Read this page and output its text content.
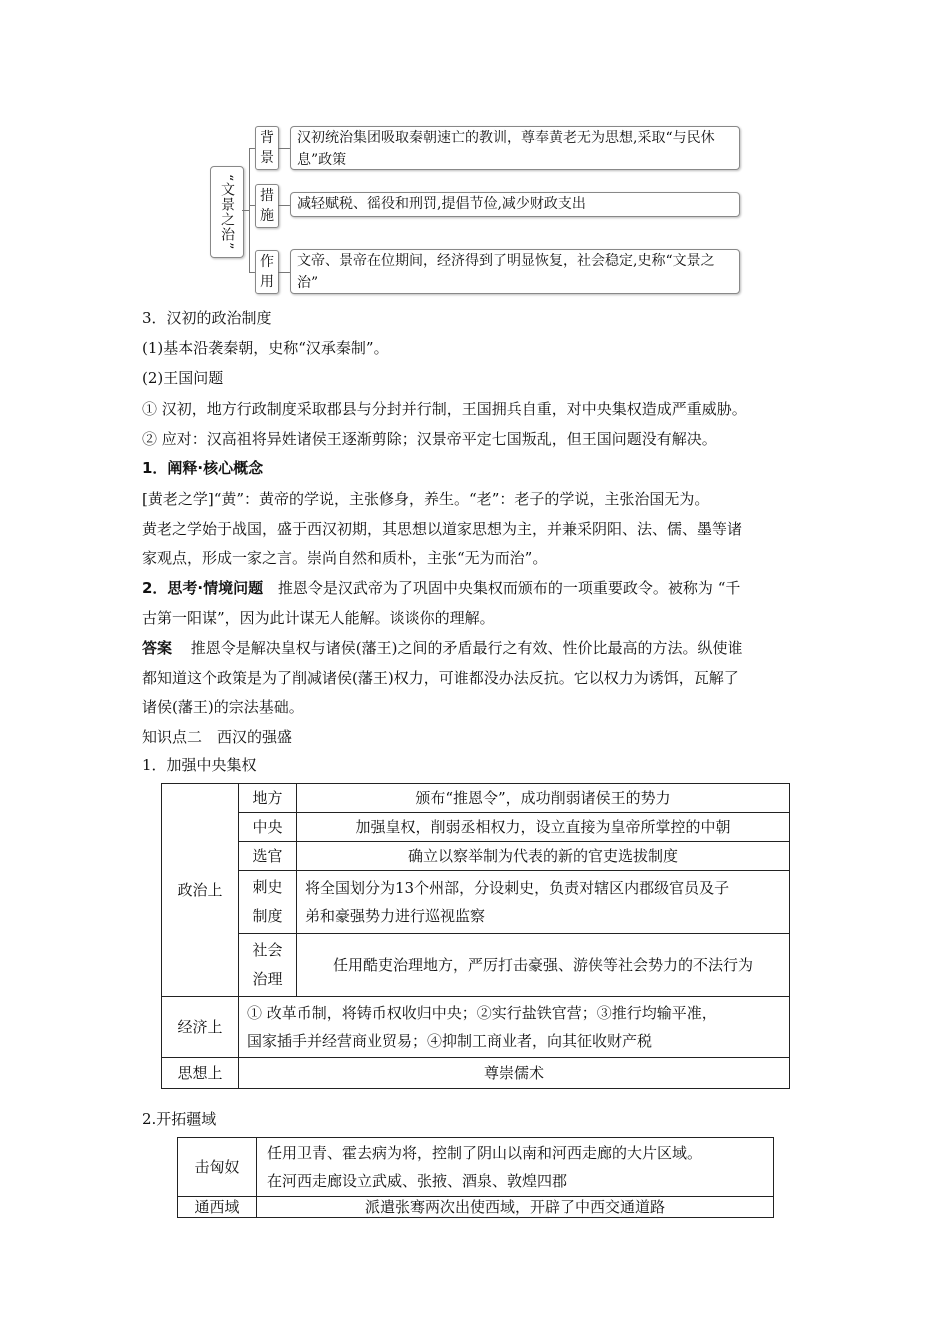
“文景之治”
背景
汉初统治集团吸取秦朝速亡的教训，尊奉黄老无为思想,采取“与民休息”政策
措施
减轻赋税、徭役和刑罚,提倡节俭,减少财政支出
作用
文帝、景帝在位期间，经济得到了明显恢复，社会稳定,史称“文景之治”
3．汉初的政治制度
(1)基本沿袭秦朝，史称“汉承秦制”。
(2)王国问题
① 汉初，地方行政制度采取郡县与分封并行制，王国拥兵自重，对中央集权造成严重威胁。
② 应对：汉高祖将异姓诸侯王逐渐剪除；汉景帝平定七国叛乱，但王国问题没有解决。
1．阐释·核心概念
[黄老之学]“黄”：黄帝的学说，主张修身，养生。“老”：老子的学说，主张治国无为。
黄老之学始于战国，盛于西汉初期，其思想以道家思想为主，并兼采阴阳、法、儒、墨等诸
家观点，形成一家之言。崇尚自然和质朴，主张“无为而治”。
2．思考·情境问题 推恩令是汉武帝为了巩固中央集权而颁布的一项重要政令。被称为 “千
古第一阳谋”，因为此计谋无人能解。谈谈你的理解。
答案 推恩令是解决皇权与诸侯(藩王)之间的矛盾最行之有效、性价比最高的方法。纵使谁
都知道这个政策是为了削减诸侯(藩王)权力，可谁都没办法反抗。它以权力为诱饵，瓦解了
诸侯(藩王)的宗法基础。
知识点二　西汉的强盛
1．加强中央集权
政治上	地方	颁布“推恩令”，成功削弱诸侯王的势力
	中央	加强皇权，削弱丞相权力，设立直接为皇帝所掌控的中朝
	选官	确立以察举制为代表的新的官吏选拔制度
	刺史制度	将全国划分为13个州部，分设刺史，负责对辖区内郡级官员及子
弟和豪强势力进行巡视监察

	社会治理	任用酷吏治理地方，严厉打击豪强、游侠等社会势力的不法行为
经济上	① 改革币制，将铸币权收归中央；②实行盐铁官营；③推行均输平准，
国家插手并经营商业贸易；④抑制工商业者，向其征收财产税	

思想上	尊崇儒术	
2.开拓疆域
击匈奴	任用卫青、霍去病为将，控制了阴山以南和河西走廊的大片区域。
在河西走廊设立武威、张掖、酒泉、敦煌四郡

通西域	派遣张骞两次出使西域，开辟了中西交通道路
